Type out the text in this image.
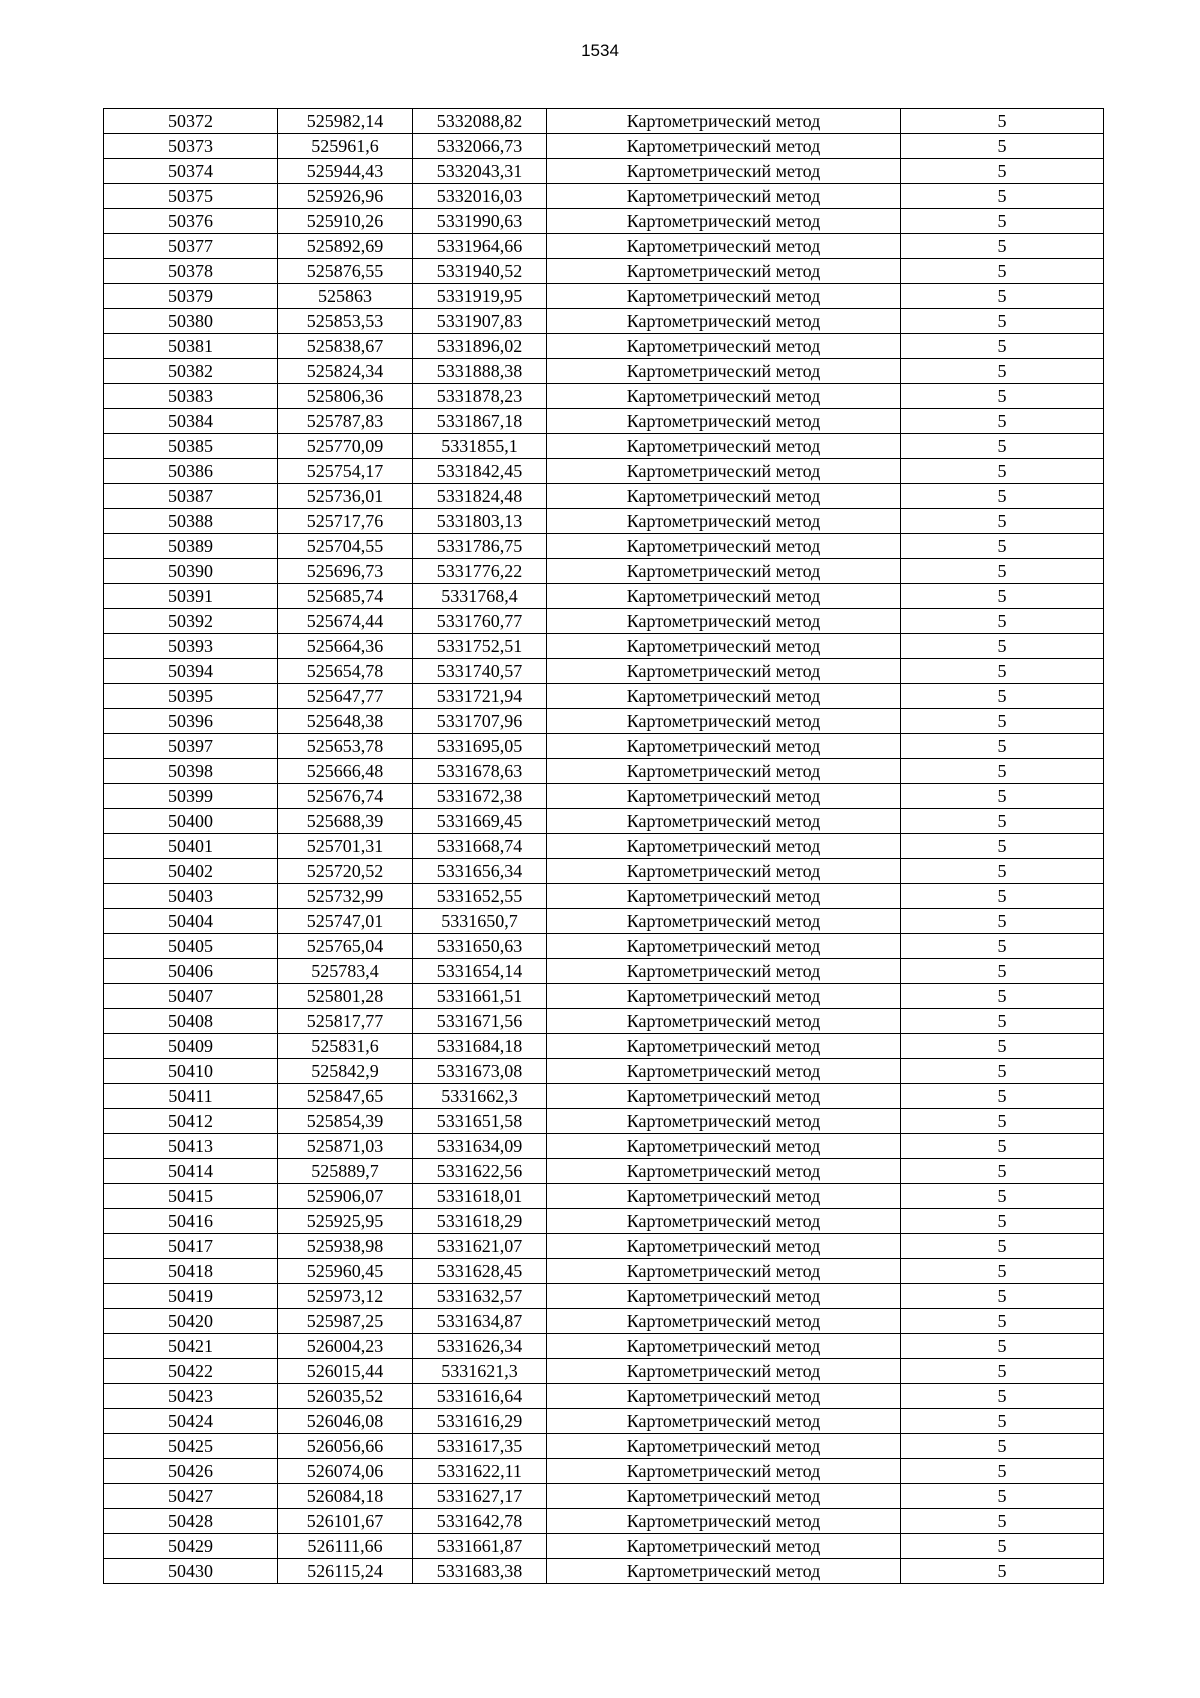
1534
50372	525982,14	5332088,82	Картометрический метод	5
50373	525961,6	5332066,73	Картометрический метод	5
50374	525944,43	5332043,31	Картометрический метод	5
50375	525926,96	5332016,03	Картометрический метод	5
50376	525910,26	5331990,63	Картометрический метод	5
50377	525892,69	5331964,66	Картометрический метод	5
50378	525876,55	5331940,52	Картометрический метод	5
50379	525863	5331919,95	Картометрический метод	5
50380	525853,53	5331907,83	Картометрический метод	5
50381	525838,67	5331896,02	Картометрический метод	5
50382	525824,34	5331888,38	Картометрический метод	5
50383	525806,36	5331878,23	Картометрический метод	5
50384	525787,83	5331867,18	Картометрический метод	5
50385	525770,09	5331855,1	Картометрический метод	5
50386	525754,17	5331842,45	Картометрический метод	5
50387	525736,01	5331824,48	Картометрический метод	5
50388	525717,76	5331803,13	Картометрический метод	5
50389	525704,55	5331786,75	Картометрический метод	5
50390	525696,73	5331776,22	Картометрический метод	5
50391	525685,74	5331768,4	Картометрический метод	5
50392	525674,44	5331760,77	Картометрический метод	5
50393	525664,36	5331752,51	Картометрический метод	5
50394	525654,78	5331740,57	Картометрический метод	5
50395	525647,77	5331721,94	Картометрический метод	5
50396	525648,38	5331707,96	Картометрический метод	5
50397	525653,78	5331695,05	Картометрический метод	5
50398	525666,48	5331678,63	Картометрический метод	5
50399	525676,74	5331672,38	Картометрический метод	5
50400	525688,39	5331669,45	Картометрический метод	5
50401	525701,31	5331668,74	Картометрический метод	5
50402	525720,52	5331656,34	Картометрический метод	5
50403	525732,99	5331652,55	Картометрический метод	5
50404	525747,01	5331650,7	Картометрический метод	5
50405	525765,04	5331650,63	Картометрический метод	5
50406	525783,4	5331654,14	Картометрический метод	5
50407	525801,28	5331661,51	Картометрический метод	5
50408	525817,77	5331671,56	Картометрический метод	5
50409	525831,6	5331684,18	Картометрический метод	5
50410	525842,9	5331673,08	Картометрический метод	5
50411	525847,65	5331662,3	Картометрический метод	5
50412	525854,39	5331651,58	Картометрический метод	5
50413	525871,03	5331634,09	Картометрический метод	5
50414	525889,7	5331622,56	Картометрический метод	5
50415	525906,07	5331618,01	Картометрический метод	5
50416	525925,95	5331618,29	Картометрический метод	5
50417	525938,98	5331621,07	Картометрический метод	5
50418	525960,45	5331628,45	Картометрический метод	5
50419	525973,12	5331632,57	Картометрический метод	5
50420	525987,25	5331634,87	Картометрический метод	5
50421	526004,23	5331626,34	Картометрический метод	5
50422	526015,44	5331621,3	Картометрический метод	5
50423	526035,52	5331616,64	Картометрический метод	5
50424	526046,08	5331616,29	Картометрический метод	5
50425	526056,66	5331617,35	Картометрический метод	5
50426	526074,06	5331622,11	Картометрический метод	5
50427	526084,18	5331627,17	Картометрический метод	5
50428	526101,67	5331642,78	Картометрический метод	5
50429	526111,66	5331661,87	Картометрический метод	5
50430	526115,24	5331683,38	Картометрический метод	5
